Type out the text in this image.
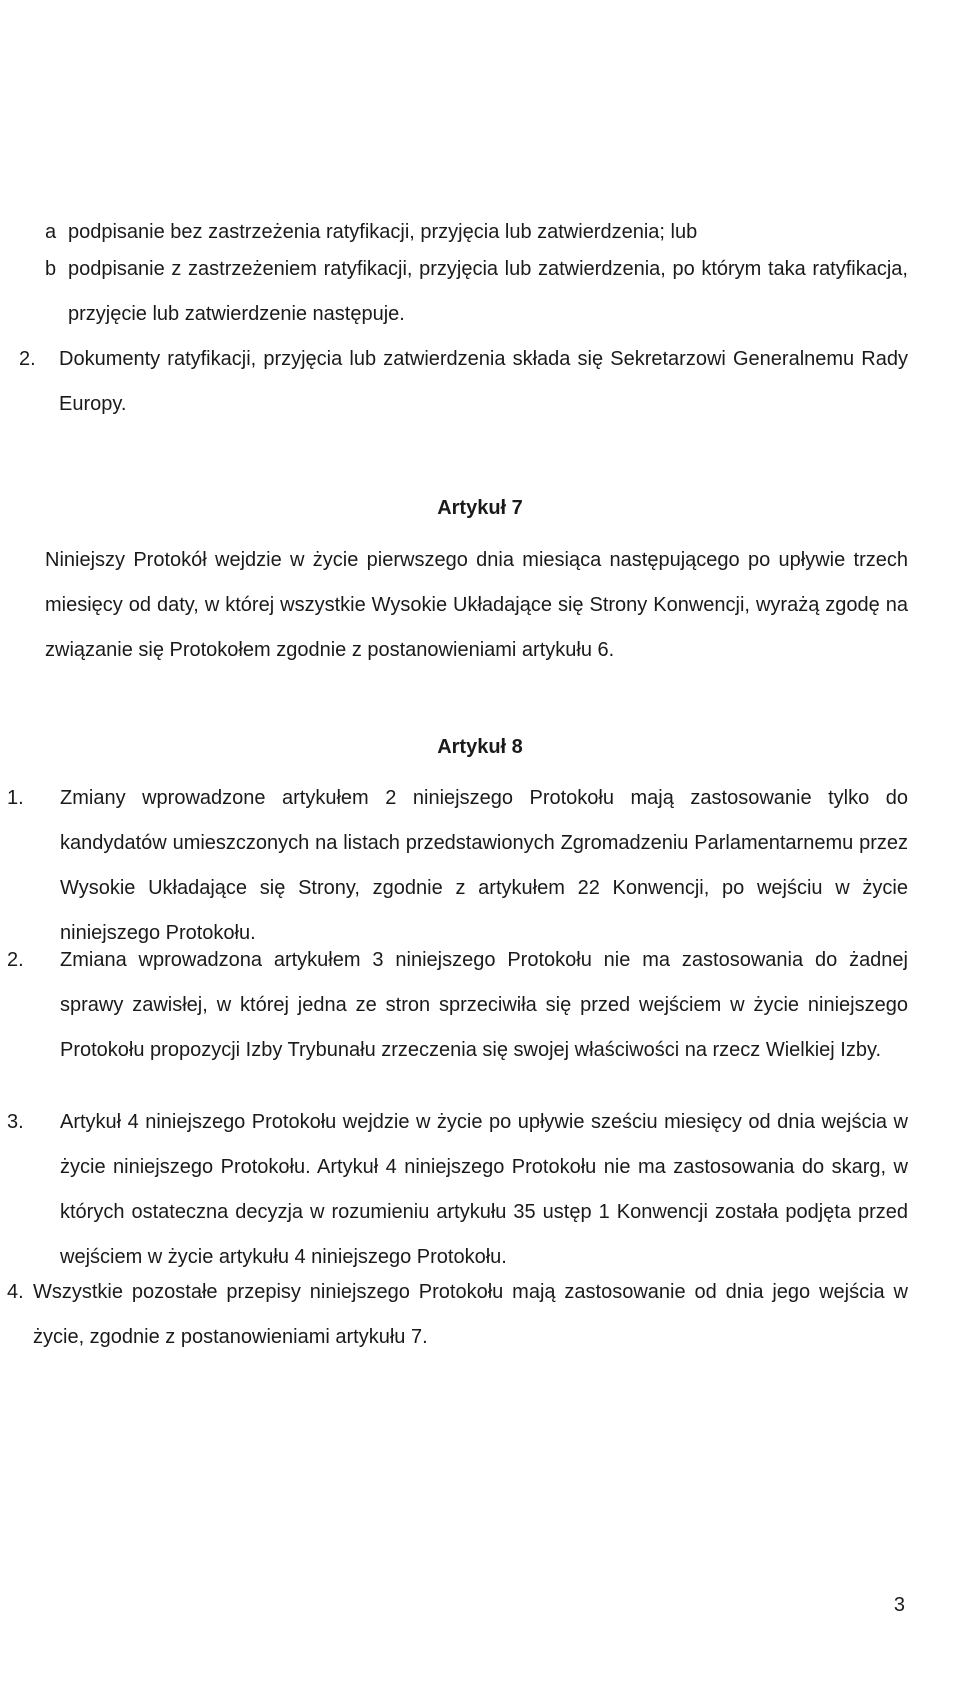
a podpisanie bez zastrzeżenia ratyfikacji, przyjęcia lub zatwierdzenia; lub
b podpisanie z zastrzeżeniem ratyfikacji, przyjęcia lub zatwierdzenia, po którym taka ratyfikacja, przyjęcie lub zatwierdzenie następuje.
2. Dokumenty ratyfikacji, przyjęcia lub zatwierdzenia składa się Sekretarzowi Generalnemu Rady Europy.
Artykuł 7
Niniejszy Protokół wejdzie w życie pierwszego dnia miesiąca następującego po upływie trzech miesięcy od daty, w której wszystkie Wysokie Układające się Strony Konwencji, wyrażą zgodę na związanie się Protokołem zgodnie z postanowieniami artykułu 6.
Artykuł 8
1. Zmiany wprowadzone artykułem 2 niniejszego Protokołu mają zastosowanie tylko do kandydatów umieszczonych na listach przedstawionych Zgromadzeniu Parlamentarnemu przez Wysokie Układające się Strony, zgodnie z artykułem 22 Konwencji, po wejściu w życie niniejszego Protokołu.
2. Zmiana wprowadzona artykułem 3 niniejszego Protokołu nie ma zastosowania do żadnej sprawy zawisłej, w której jedna ze stron sprzeciwiła się przed wejściem w życie niniejszego Protokołu propozycji Izby Trybunału zrzeczenia się swojej właściwości na rzecz Wielkiej Izby.
3. Artykuł 4 niniejszego Protokołu wejdzie w życie po upływie sześciu miesięcy od dnia wejścia w życie niniejszego Protokołu. Artykuł 4 niniejszego Protokołu nie ma zastosowania do skarg, w których ostateczna decyzja w rozumieniu artykułu 35 ustęp 1 Konwencji została podjęta przed wejściem w życie artykułu 4 niniejszego Protokołu.
4. Wszystkie pozostałe przepisy niniejszego Protokołu mają zastosowanie od dnia jego wejścia w życie, zgodnie z postanowieniami artykułu 7.
3
